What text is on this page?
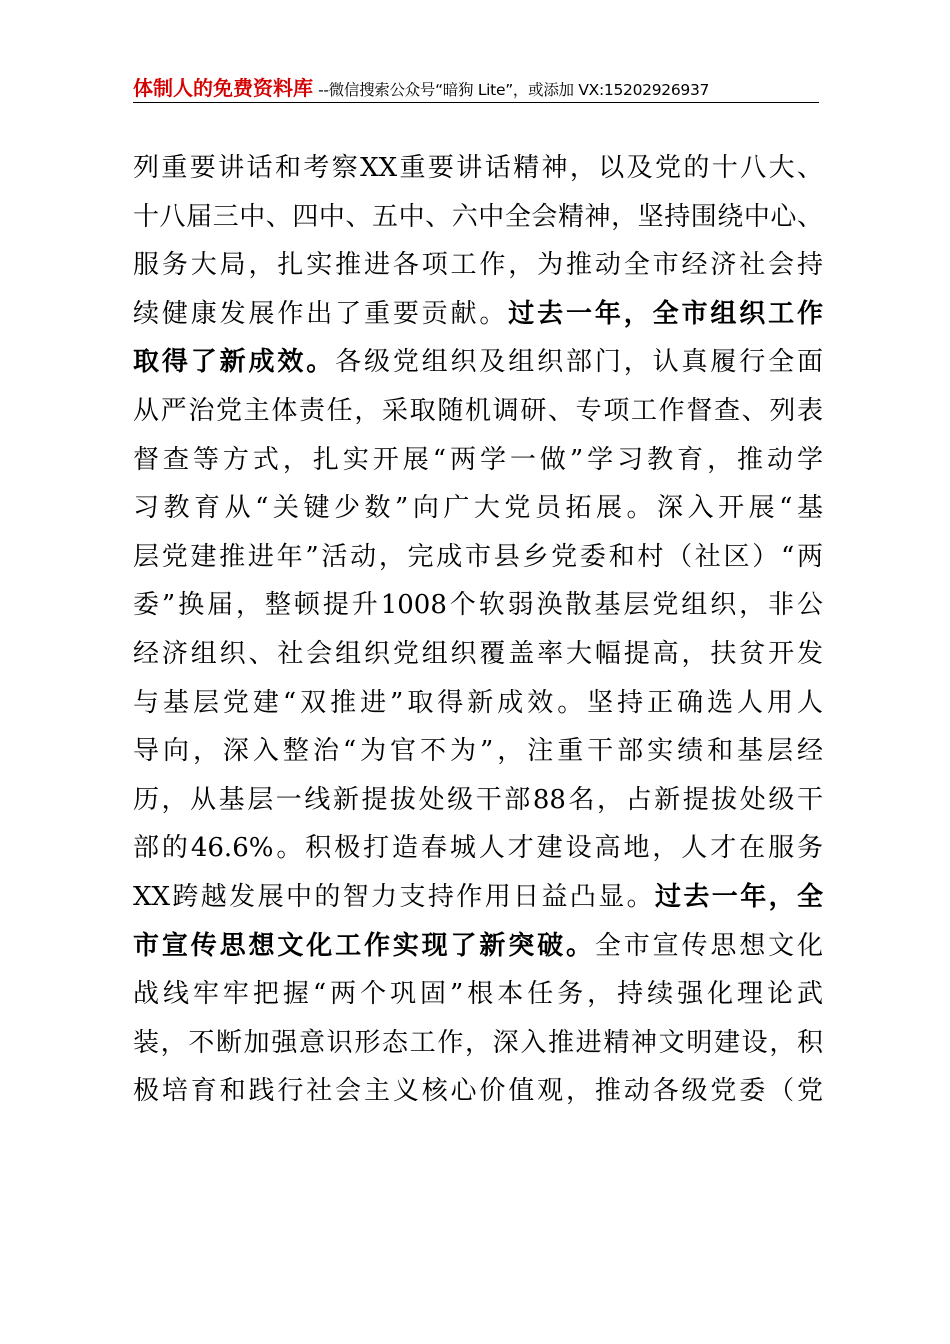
体制人的免费资料库 --微信搜索公众号“暗狗 Lite”，或添加 VX:15202926937
列重要讲话和考察XX重要讲话精神，以及党的十八大、
十八届三中、四中、五中、六中全会精神，坚持围绕中心、
服务大局，扎实推进各项工作，为推动全市经济社会持
续健康发展作出了重要贡献。过去一年，全市组织工作
取得了新成效。各级党组织及组织部门，认真履行全面
从严治党主体责任，采取随机调研、专项工作督查、列表
督查等方式，扎实开展“两学一做”学习教育，推动学
习教育从“关键少数”向广大党员拓展。深入开展“基
层党建推进年”活动，完成市县乡党委和村（社区）“两
委”换届，整顿提升1008个软弱涣散基层党组织，非公
经济组织、社会组织党组织覆盖率大幅提高，扶贫开发
与基层党建“双推进”取得新成效。坚持正确选人用人
导向，深入整治“为官不为”，注重干部实绩和基层经
历，从基层一线新提拔处级干部88名，占新提拔处级干
部的46.6%。积极打造春城人才建设高地，人才在服务
XX跨越发展中的智力支持作用日益凸显。过去一年，全
市宣传思想文化工作实现了新突破。全市宣传思想文化
战线牢牢把握“两个巩固”根本任务，持续强化理论武
装，不断加强意识形态工作，深入推进精神文明建设，积
极培育和践行社会主义核心价值观，推动各级党委（党
